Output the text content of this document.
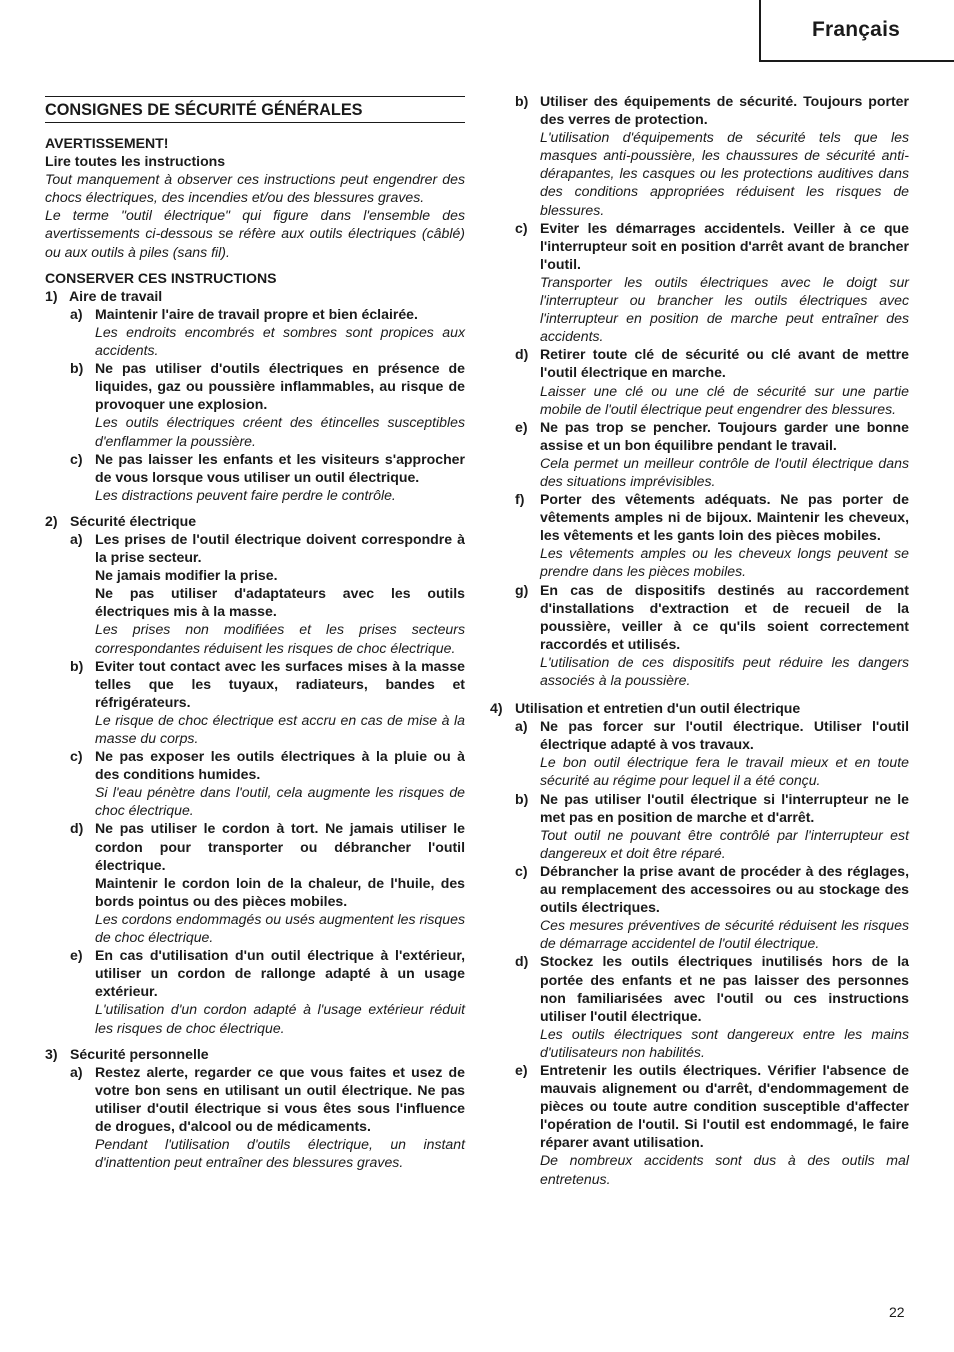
Français
CONSIGNES DE SÉCURITÉ GÉNÉRALES
AVERTISSEMENT!
Lire toutes les instructions
Tout manquement à observer ces instructions peut engendrer des chocs électriques, des incendies et/ou des blessures graves.
Le terme "outil électrique" qui figure dans l'ensemble des avertissements ci-dessous se réfère aux outils électriques (câblé) ou aux outils à piles (sans fil).
CONSERVER CES INSTRUCTIONS
1) Aire de travail
a) Maintenir l'aire de travail propre et bien éclairée.
Les endroits encombrés et sombres sont propices aux accidents.
b) Ne pas utiliser d'outils électriques en présence de liquides, gaz ou poussière inflammables, au risque de provoquer une explosion.
Les outils électriques créent des étincelles susceptibles d'enflammer la poussière.
c) Ne pas laisser les enfants et les visiteurs s'approcher de vous lorsque vous utiliser un outil électrique.
Les distractions peuvent faire perdre le contrôle.
2) Sécurité électrique
a) Les prises de l'outil électrique doivent correspondre à la prise secteur.
Ne jamais modifier la prise.
Ne pas utiliser d'adaptateurs avec les outils électriques mis à la masse.
Les prises non modifiées et les prises secteurs correspondantes réduisent les risques de choc électrique.
b) Eviter tout contact avec les surfaces mises à la masse telles que les tuyaux, radiateurs, bandes et réfrigérateurs.
Le risque de choc électrique est accru en cas de mise à la masse du corps.
c) Ne pas exposer les outils électriques à la pluie ou à des conditions humides.
Si l'eau pénètre dans l'outil, cela augmente les risques de choc électrique.
d) Ne pas utiliser le cordon à tort. Ne jamais utiliser le cordon pour transporter ou débrancher l'outil électrique.
Maintenir le cordon loin de la chaleur, de l'huile, des bords pointus ou des pièces mobiles.
Les cordons endommagés ou usés augmentent les risques de choc électrique.
e) En cas d'utilisation d'un outil électrique à l'extérieur, utiliser un cordon de rallonge adapté à un usage extérieur.
L'utilisation d'un cordon adapté à l'usage extérieur réduit les risques de choc électrique.
3) Sécurité personnelle
a) Restez alerte, regarder ce que vous faites et usez de votre bon sens en utilisant un outil électrique. Ne pas utiliser d'outil électrique si vous êtes sous l'influence de drogues, d'alcool ou de médicaments.
Pendant l'utilisation d'outils électrique, un instant d'inattention peut entraîner des blessures graves.
b) Utiliser des équipements de sécurité. Toujours porter des verres de protection.
L'utilisation d'équipements de sécurité tels que les masques anti-poussière, les chaussures de sécurité anti-dérapantes, les casques ou les protections auditives dans des conditions appropriées réduisent les risques de blessures.
c) Eviter les démarrages accidentels. Veiller à ce que l'interrupteur soit en position d'arrêt avant de brancher l'outil.
Transporter les outils électriques avec le doigt sur l'interrupteur ou brancher les outils électriques avec l'interrupteur en position de marche peut entraîner des accidents.
d) Retirer toute clé de sécurité ou clé avant de mettre l'outil électrique en marche.
Laisser une clé ou une clé de sécurité sur une partie mobile de l'outil électrique peut engendrer des blessures.
e) Ne pas trop se pencher. Toujours garder une bonne assise et un bon équilibre pendant le travail.
Cela permet un meilleur contrôle de l'outil électrique dans des situations imprévisibles.
f)	Porter des vêtements adéquats. Ne pas porter de vêtements amples ni de bijoux. Maintenir les cheveux, les vêtements et les gants loin des pièces mobiles.
Les vêtements amples ou les cheveux longs peuvent se prendre dans les pièces mobiles.
g) En cas de dispositifs destinés au raccordement d'installations d'extraction et de recueil de la poussière, veiller à ce qu'ils soient correctement raccordés et utilisés.
L'utilisation de ces dispositifs peut réduire les dangers associés à la poussière.
4) Utilisation et entretien d'un outil électrique
a) Ne pas forcer sur l'outil électrique. Utiliser l'outil électrique adapté à vos travaux.
Le bon outil électrique fera le travail mieux et en toute sécurité au régime pour lequel il a été conçu.
b) Ne pas utiliser l'outil électrique si l'interrupteur ne le met pas en position de marche et d'arrêt.
Tout outil ne pouvant être contrôlé par l'interrupteur est dangereux et doit être réparé.
c) Débrancher la prise avant de procéder à des réglages, au remplacement des accessoires ou au stockage des outils électriques.
Ces mesures préventives de sécurité réduisent les risques de démarrage accidentel de l'outil électrique.
d) Stockez les outils électriques inutilisés hors de la portée des enfants et ne pas laisser des personnes non familiarisées avec l'outil ou ces instructions utiliser l'outil électrique.
Les outils électriques sont dangereux entre les mains d'utilisateurs non habilités.
e) Entretenir les outils électriques. Vérifier l'absence de mauvais alignement ou d'arrêt, d'endommagement de pièces ou toute autre condition susceptible d'affecter l'opération de l'outil. Si l'outil est endommagé, le faire réparer avant utilisation.
De nombreux accidents sont dus à des outils mal entretenus.
22
